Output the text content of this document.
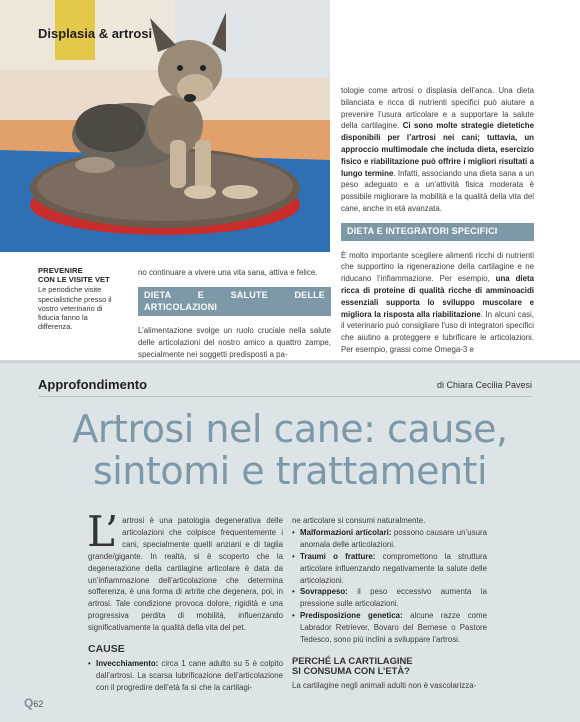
Displasia & artrosi
PREVENIRE
CON LE VISITE VET
Le periodiche visite specialistiche presso il vostro veterinario di fiducia fanno la differenza.

no continuare a vivere una vita sana, attiva e felice.

DIETA E SALUTE DELLE ARTICOLAZIONI

L’alimentazione svolge un ruolo cruciale nella salute delle articolazioni del nostro amico a quattro zampe, specialmente nei soggetti predisposti a pa-

tologie come artrosi o displasia dell’anca. Una dieta bilanciata e ricca di nutrienti specifici può aiutare a prevenire l’usura articolare e a supportare la salute della cartilagine. Ci sono molte strategie dietetiche disponibili per l’artrosi nei cani; tuttavia, un approccio multimodale che includa dieta, esercizio fisico e riabilitazione può offrire i migliori risultati a lungo termine. Infatti, associando una dieta sana a un peso adeguato e a un’attività fisica moderata è possibile migliorare la mobilità e la qualità della vita del cane, anche in età avanzata.

DIETA E INTEGRATORI SPECIFICI

È molto importante scegliere alimenti ricchi di nutrienti che supportino la rigenerazione della cartilagine e ne riducano l’infiammazione. Per esempio, una dieta ricca di proteine di qualità ricche di amminoacidi essenziali supporta lo sviluppo muscolare e migliora la risposta alla riabilitazione. In alcuni casi, il veterinario può consigliare l’uso di integratori specifici che aiutino a proteggere e lubrificare le articolazioni. Per esempio, grassi come Omega-3 e

Approfondimento	di Chiara Cecilia Pavesi
Artrosi nel cane: cause,
sintomi e trattamenti

L’ artrosi è una patologia degenerativa delle articolazioni che colpisce frequentemente i cani, specialmente quelli anziani e di taglia grande/gigante. In realtà, si è scoperto che la degenerazione della cartilagine articolare è data da un’infiammazione dell’articolazione che determina sofferenza, è una forma di artrite che degenera, poi, in artrosi. Tale condizione provoca dolore, rigidità e una progressiva perdita di mobilità, influenzando significativamente la qualità della vita del pet.

CAUSE
• Invecchiamento: circa 1 cane adulto su 5 è colpito dall’artrosi. La scarsa lubrificazione dell’articolazione con il progredire dell’età fa sì che la cartilagi-

ne articolare si consumi naturalmente.

• Malformazioni articolari: possono causare un’usura anomala delle articolazioni.
• Traumi o fratture: compromettono la struttura articolare influenzando negativamente la salute delle articolazioni.
• Sovrappeso: il peso eccessivo aumenta la pressione sulle articolazioni.
• Predisposizione genetica: alcune razze come Labrador Retriever, Bovaro del Bernese o Pastore Tedesco, sono più inclini a sviluppare l’artrosi.
PERCHÉ LA CARTILAGINE
SI CONSUMA CON L’ETÀ?

La cartilagine negli animali adulti non è vascolarizza-

Q62
